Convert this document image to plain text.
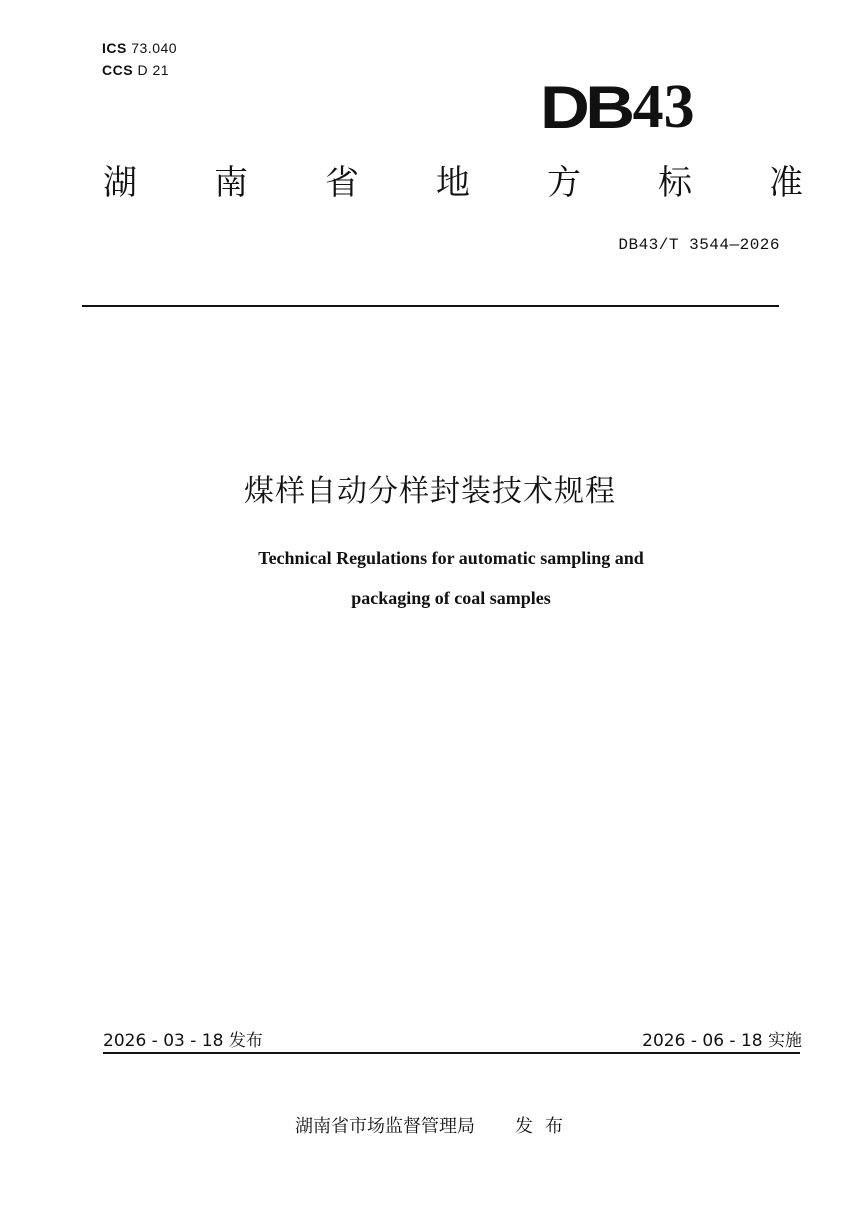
ICS 73.040
CCS D 21
DB 43
湖 南 省 地 方 标 准
DB43/T 3544—2026
煤样自动分样封装技术规程
Technical Regulations for automatic sampling and
packaging of coal samples
2026 - 03 - 18 发布	2026 - 06 - 18 实施
湖南省市场监督管理局 发布
